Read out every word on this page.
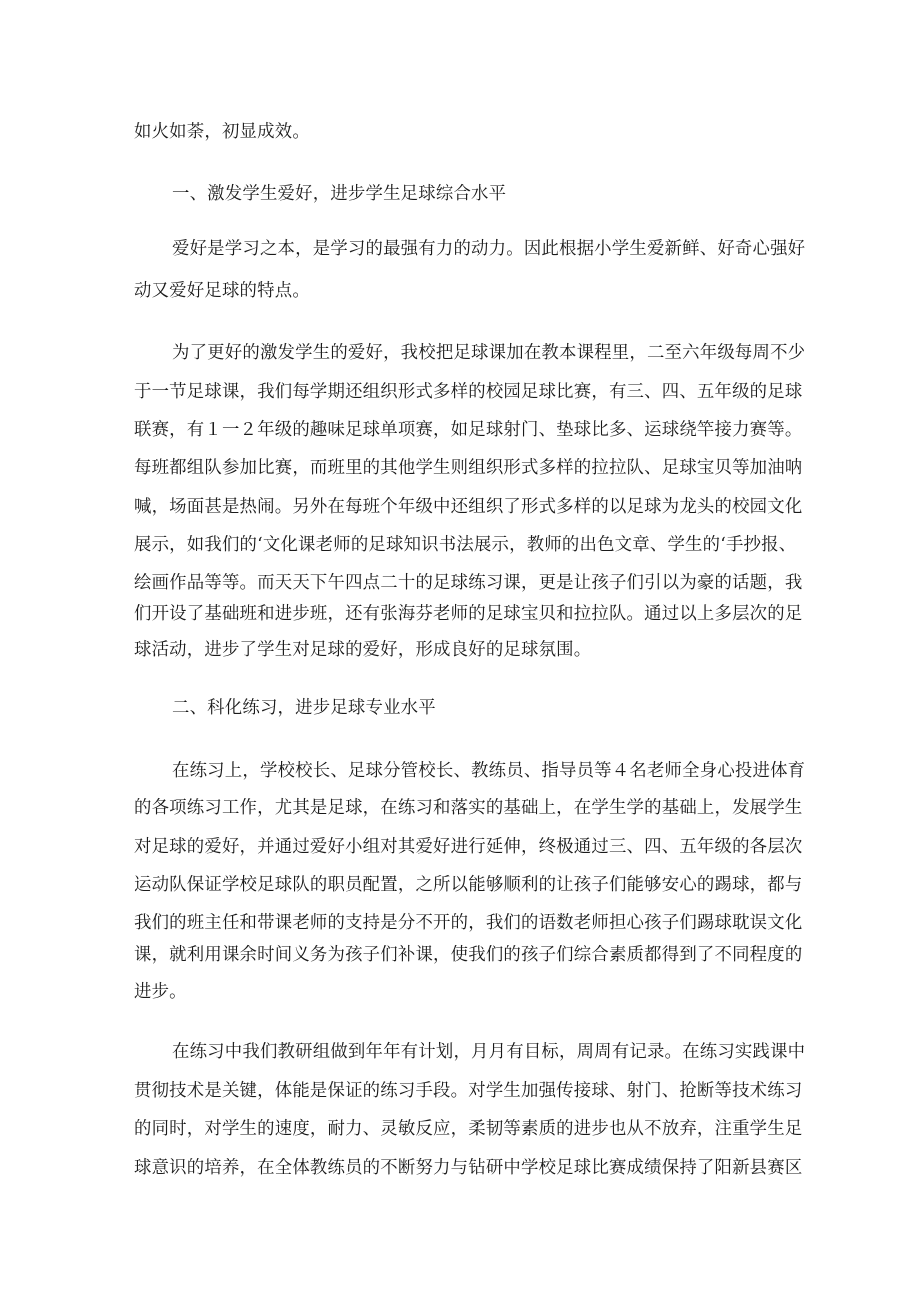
如火如荼，初显成效。
一、激发学生爱好，进步学生足球综合水平
爱好是学习之本，是学习的最强有力的动力。因此根据小学生爱新鲜、好奇心强好
动又爱好足球的特点。
为了更好的激发学生的爱好，我校把足球课加在教本课程里，二至六年级每周不少
于一节足球课，我们每学期还组织形式多样的校园足球比赛，有三、四、五年级的足球
联赛，有１一２年级的趣味足球单项赛，如足球射门、垫球比多、运球绕竿接力赛等。
每班都组队参加比赛，而班里的其他学生则组织形式多样的拉拉队、足球宝贝等加油呐
喊，场面甚是热闹。另外在每班个年级中还组织了形式多样的以足球为龙头的校园文化
展示，如我们的‘文化课老师的足球知识书法展示，教师的出色文章、学生的‘手抄报、
绘画作品等等。而天天下午四点二十的足球练习课，更是让孩子们引以为豪的话题，我
们开设了基础班和进步班，还有张海芬老师的足球宝贝和拉拉队。通过以上多层次的足
球活动，进步了学生对足球的爱好，形成良好的足球氛围。
二、科化练习，进步足球专业水平
在练习上，学校校长、足球分管校长、教练员、指导员等４名老师全身心投进体育
的各项练习工作，尤其是足球，在练习和落实的基础上，在学生学的基础上，发展学生
对足球的爱好，并通过爱好小组对其爱好进行延伸，终极通过三、四、五年级的各层次
运动队保证学校足球队的职员配置，之所以能够顺利的让孩子们能够安心的踢球，都与
我们的班主任和带课老师的支持是分不开的，我们的语数老师担心孩子们踢球耽误文化
课，就利用课余时间义务为孩子们补课，使我们的孩子们综合素质都得到了不同程度的
进步。
在练习中我们教研组做到年年有计划，月月有目标，周周有记录。在练习实践课中
贯彻技术是关键，体能是保证的练习手段。对学生加强传接球、射门、抢断等技术练习
的同时，对学生的速度，耐力、灵敏反应，柔韧等素质的进步也从不放弃，注重学生足
球意识的培养，在全体教练员的不断努力与钻研中学校足球比赛成绩保持了阳新县赛区
